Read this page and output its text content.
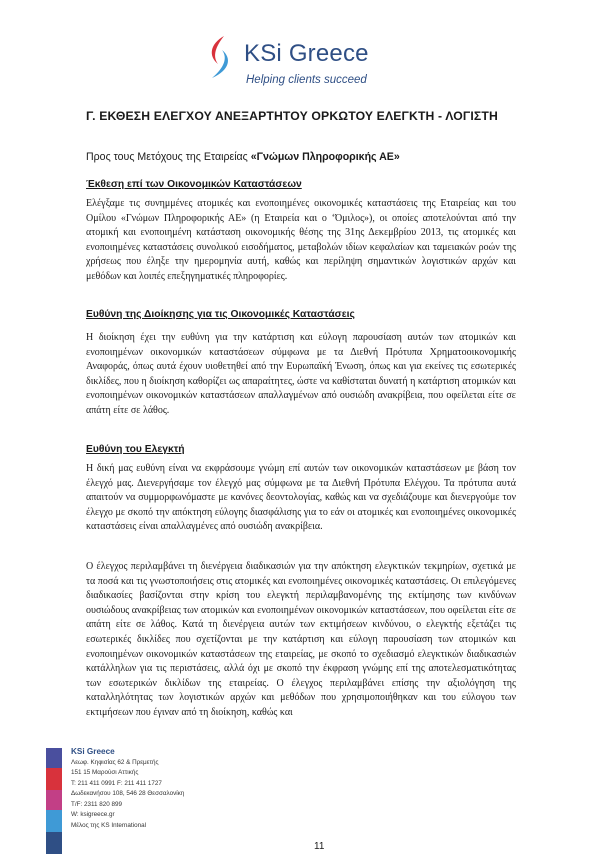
KSi Greece
Helping clients succeed
Γ. ΕΚΘΕΣΗ ΕΛΕΓΧΟΥ ΑΝΕΞΑΡΤΗΤΟΥ ΟΡΚΩΤΟΥ ΕΛΕΓΚΤΗ - ΛΟΓΙΣΤΗ
Προς τους Μετόχους της Εταιρείας «Γνώμων Πληροφορικής ΑΕ»
Έκθεση επί των Οικονομικών Καταστάσεων
Ελέγξαμε τις συνημμένες ατομικές και ενοποιημένες οικονομικές καταστάσεις της Εταιρείας και του Ομίλου «Γνώμων Πληροφορικής ΑΕ» (η Εταιρεία και ο ‘Όμιλος»), οι οποίες αποτελούνται από την ατομική και ενοποιημένη κατάσταση οικονομικής θέσης της 31ης Δεκεμβρίου 2013, τις ατομικές και ενοποιημένες καταστάσεις συνολικού εισοδήματος, μεταβολών ιδίων κεφαλαίων και ταμειακών ροών της χρήσεως που έληξε την ημερομηνία αυτή, καθώς και περίληψη σημαντικών λογιστικών αρχών και μεθόδων και λοιπές επεξηγηματικές πληροφορίες.
Ευθύνη της Διοίκησης για τις Οικονομικές Καταστάσεις
Η διοίκηση έχει την ευθύνη για την κατάρτιση και εύλογη παρουσίαση αυτών των ατομικών και ενοποιημένων οικονομικών καταστάσεων σύμφωνα με τα Διεθνή Πρότυπα Χρηματοοικονομικής Αναφοράς, όπως αυτά έχουν υιοθετηθεί από την Ευρωπαϊκή Ένωση, όπως και για εκείνες τις εσωτερικές δικλίδες, που η διοίκηση καθορίζει ως απαραίτητες, ώστε να καθίσταται δυνατή η κατάρτιση ατομικών και ενοποιημένων οικονομικών καταστάσεων απαλλαγμένων από ουσιώδη ανακρίβεια, που οφείλεται είτε σε απάτη είτε σε λάθος.
Ευθύνη του Ελεγκτή
Η δική μας ευθύνη είναι να εκφράσουμε γνώμη επί αυτών των οικονομικών καταστάσεων με βάση τον έλεγχό μας. Διενεργήσαμε τον έλεγχό μας σύμφωνα με τα Διεθνή Πρότυπα Ελέγχου. Τα πρότυπα αυτά απαιτούν να συμμορφωνόμαστε με κανόνες δεοντολογίας, καθώς και να σχεδιάζουμε και διενεργούμε τον έλεγχο με σκοπό την απόκτηση εύλογης διασφάλισης για το εάν οι ατομικές και ενοποιημένες οικονομικές καταστάσεις είναι απαλλαγμένες από ουσιώδη ανακρίβεια.
Ο έλεγχος περιλαμβάνει τη διενέργεια διαδικασιών για την απόκτηση ελεγκτικών τεκμηρίων, σχετικά με τα ποσά και τις γνωστοποιήσεις στις ατομικές και ενοποιημένες οικονομικές καταστάσεις. Οι επιλεγόμενες διαδικασίες βασίζονται στην κρίση του ελεγκτή περιλαμβανομένης της εκτίμησης των κινδύνων ουσιώδους ανακρίβειας των ατομικών και ενοποιημένων οικονομικών καταστάσεων, που οφείλεται είτε σε απάτη είτε σε λάθος. Κατά τη διενέργεια αυτών των εκτιμήσεων κινδύνου, ο ελεγκτής εξετάζει τις εσωτερικές δικλίδες που σχετίζονται με την κατάρτιση και εύλογη παρουσίαση των ατομικών και ενοποιημένων οικονομικών καταστάσεων της εταιρείας, με σκοπό το σχεδιασμό ελεγκτικών διαδικασιών κατάλληλων για τις περιστάσεις, αλλά όχι με σκοπό την έκφραση γνώμης επί της αποτελεσματικότητας των εσωτερικών δικλίδων της εταιρείας. Ο έλεγχος περιλαμβάνει επίσης την αξιολόγηση της καταλληλότητας των λογιστικών αρχών και μεθόδων που χρησιμοποιήθηκαν και του εύλογου των εκτιμήσεων που έγιναν από τη διοίκηση, καθώς και
KSi Greece
Λεωφ. Κηφισίας 62 & Πρεμετής
151 15 Μαρούσι Αττικής
Τ: 211 411 0991 F: 211 411 1727
Δωδεκανήσου 108, 546 28 Θεσσαλονίκη
T/F: 2311 820 899
W: ksigreece.gr
Μέλος της KS International
11
